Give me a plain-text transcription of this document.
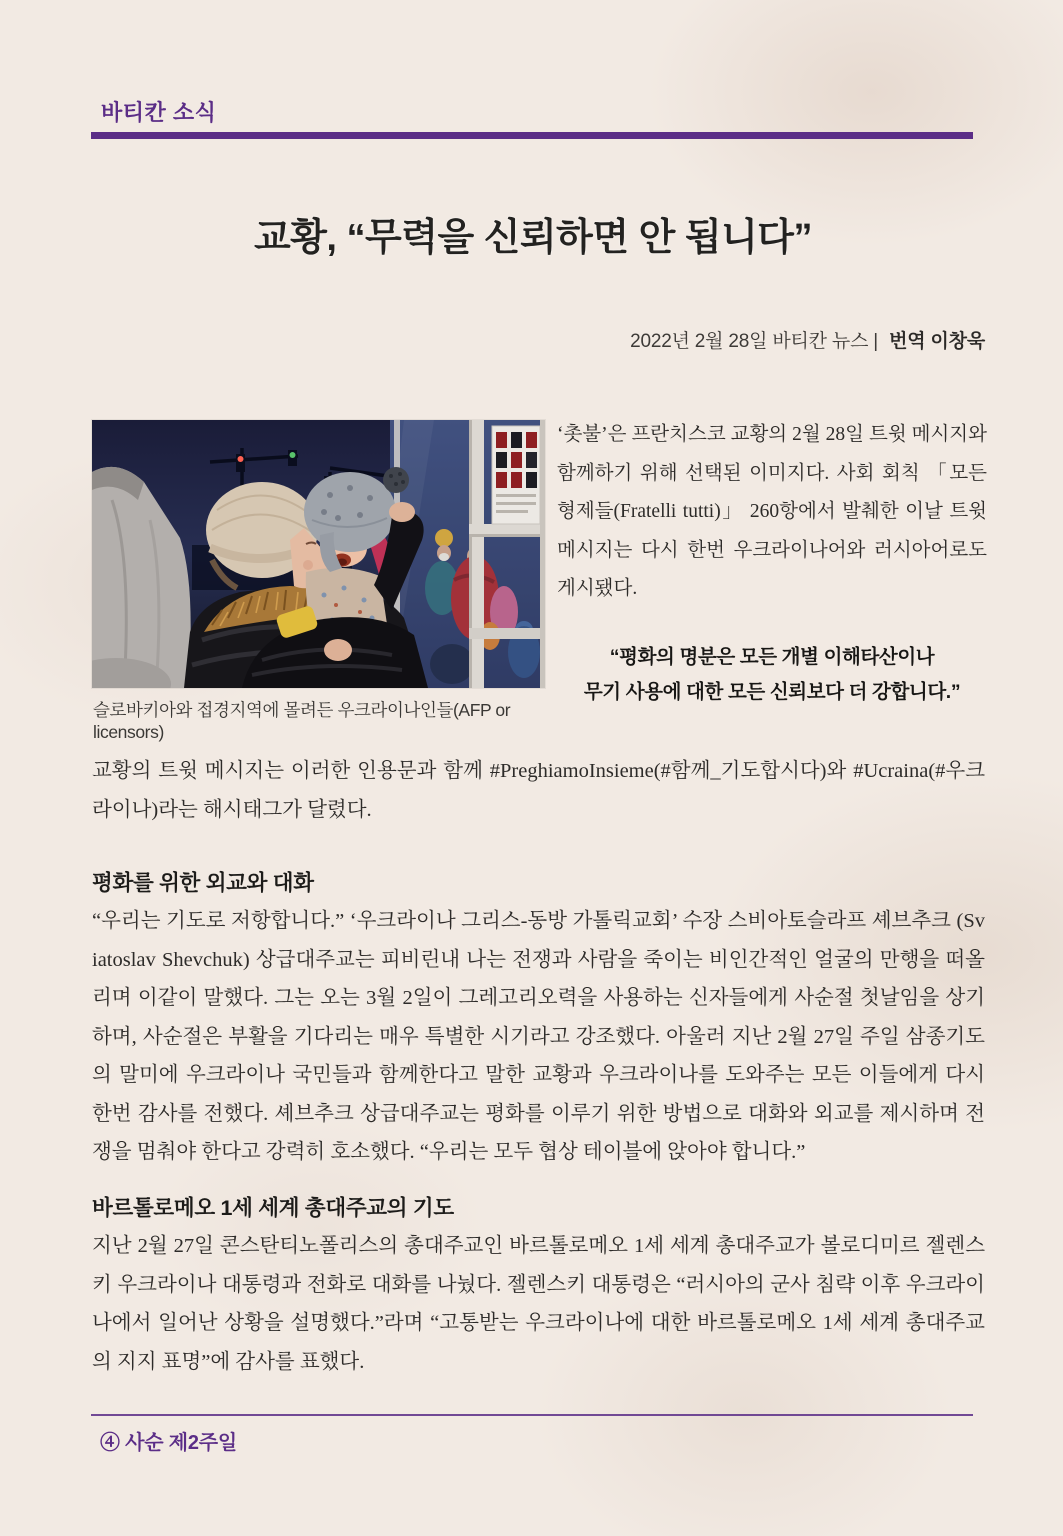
바티칸 소식
교황, “무력을 신뢰하면 안 됩니다”
2022년 2월 28일 바티칸 뉴스 | 번역 이창욱
슬로바키아와 접경지역에 몰려든 우크라이나인들(AFP or licensors)

‘촛불’은 프란치스코 교황의 2월 28일 트윗 메시지와 함께하기 위해 선택된 이미지다. 사회 회칙 「모든 형제들(Fratelli tutti)」 260항에서 발췌한 이날 트윗 메시지는 다시 한번 우크라이나어와 러시아어로도 게시됐다.

“평화의 명분은 모든 개별 이해타산이나
무기 사용에 대한 모든 신뢰보다 더 강합니다.”

교황의 트윗 메시지는 이러한 인용문과 함께 #PreghiamoInsieme(#함께_기도합시다)와 #Ucraina(#우크라이나)라는 해시태그가 달렸다.

평화를 위한 외교와 대화

“우리는 기도로 저항합니다.” ‘우크라이나 그리스-동방 가톨릭교회’ 수장 스비아토슬라프 셰브추크 (Sviatoslav Shevchuk) 상급대주교는 피비린내 나는 전쟁과 사람을 죽이는 비인간적인 얼굴의 만행을 떠올리며 이같이 말했다. 그는 오는 3월 2일이 그레고리오력을 사용하는 신자들에게 사순절 첫날임을 상기하며, 사순절은 부활을 기다리는 매우 특별한 시기라고 강조했다. 아울러 지난 2월 27일 주일 삼종기도의 말미에 우크라이나 국민들과 함께한다고 말한 교황과 우크라이나를 도와주는 모든 이들에게 다시 한번 감사를 전했다. 셰브추크 상급대주교는 평화를 이루기 위한 방법으로 대화와 외교를 제시하며 전쟁을 멈춰야 한다고 강력히 호소했다. “우리는 모두 협상 테이블에 앉아야 합니다.”

바르톨로메오 1세 세계 총대주교의 기도

지난 2월 27일 콘스탄티노폴리스의 총대주교인 바르톨로메오 1세 세계 총대주교가 볼로디미르 젤렌스키 우크라이나 대통령과 전화로 대화를 나눴다. 젤렌스키 대통령은 “러시아의 군사 침략 이후 우크라이나에서 일어난 상황을 설명했다.”라며 “고통받는 우크라이나에 대한 바르톨로메오 1세 세계 총대주교의 지지 표명”에 감사를 표했다.

④ 사순 제2주일
